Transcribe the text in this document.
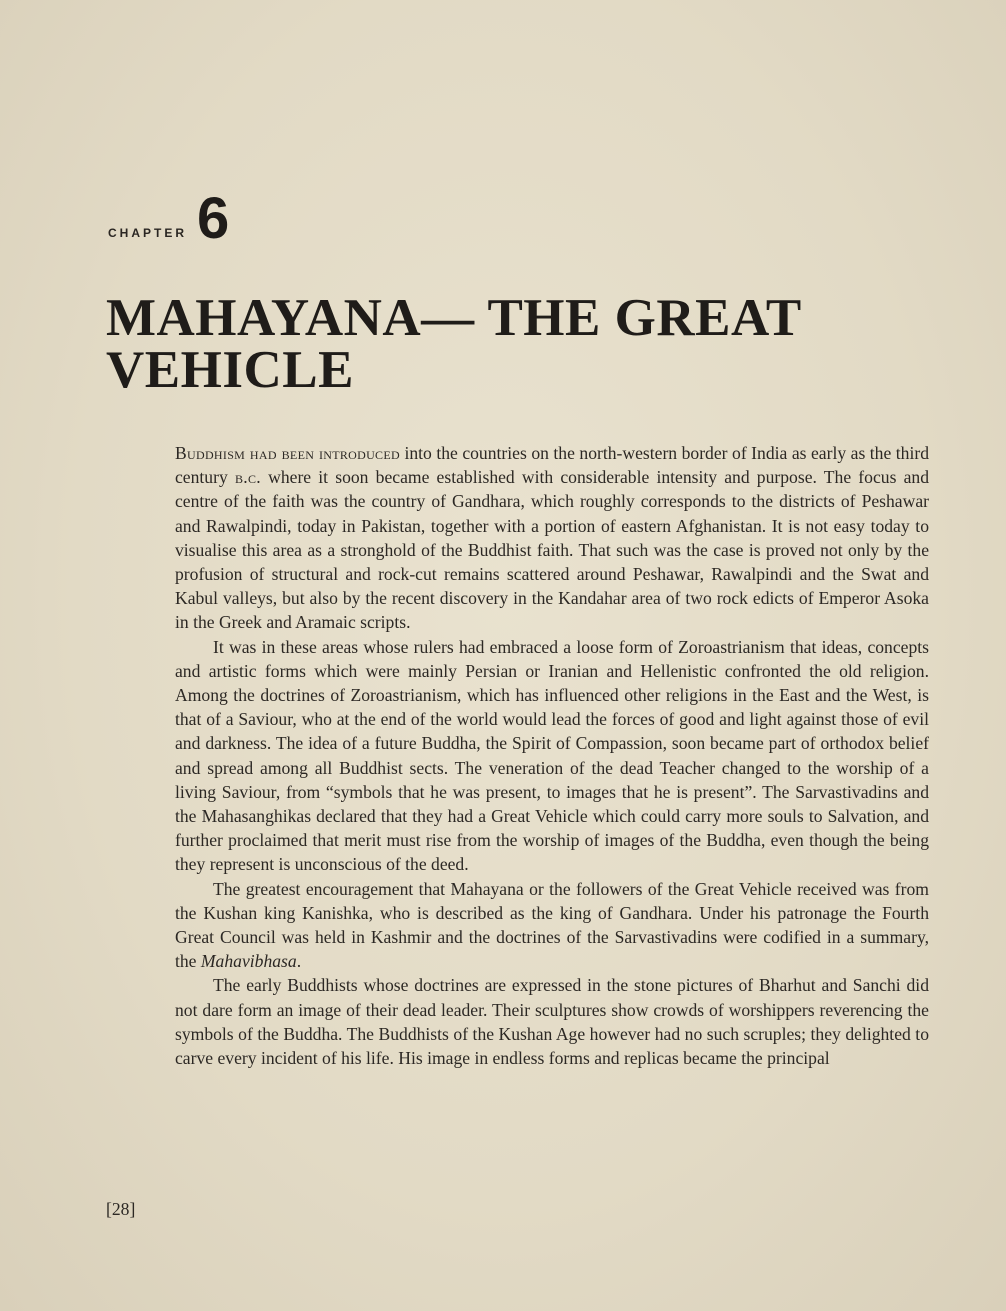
CHAPTER 6
MAHAYANA— THE GREAT
VEHICLE

Buddhism had been introduced into the countries on the north-western border of India as early as the third century b.c. where it soon became established with considerable intensity and purpose. The focus and centre of the faith was the country of Gandhara, which roughly corresponds to the districts of Peshawar and Rawalpindi, today in Pakistan, together with a portion of eastern Afghanistan. It is not easy today to visualise this area as a stronghold of the Buddhist faith. That such was the case is proved not only by the profusion of structural and rock-cut remains scattered around Peshawar, Rawalpindi and the Swat and Kabul valleys, but also by the recent discovery in the Kandahar area of two rock edicts of Emperor Asoka in the Greek and Aramaic scripts.

It was in these areas whose rulers had embraced a loose form of Zoroastrianism that ideas, concepts and artistic forms which were mainly Persian or Iranian and Hellenistic confronted the old religion. Among the doctrines of Zoroastrianism, which has influenced other religions in the East and the West, is that of a Saviour, who at the end of the world would lead the forces of good and light against those of evil and darkness. The idea of a future Buddha, the Spirit of Compassion, soon became part of orthodox belief and spread among all Buddhist sects. The veneration of the dead Teacher changed to the worship of a living Saviour, from “symbols that he was present, to images that he is present”. The Sarvastivadins and the Mahasanghikas declared that they had a Great Vehicle which could carry more souls to Salvation, and further proclaimed that merit must rise from the worship of images of the Buddha, even though the being they represent is unconscious of the deed.

The greatest encouragement that Mahayana or the followers of the Great Vehicle received was from the Kushan king Kanishka, who is described as the king of Gandhara. Under his patronage the Fourth Great Council was held in Kashmir and the doctrines of the Sarvastivadins were codified in a summary, the Mahavibhasa.

The early Buddhists whose doctrines are expressed in the stone pictures of Bharhut and Sanchi did not dare form an image of their dead leader. Their sculptures show crowds of worshippers reverencing the symbols of the Buddha. The Buddhists of the Kushan Age however had no such scruples; they delighted to carve every incident of his life. His image in endless forms and replicas became the principal

[28]
